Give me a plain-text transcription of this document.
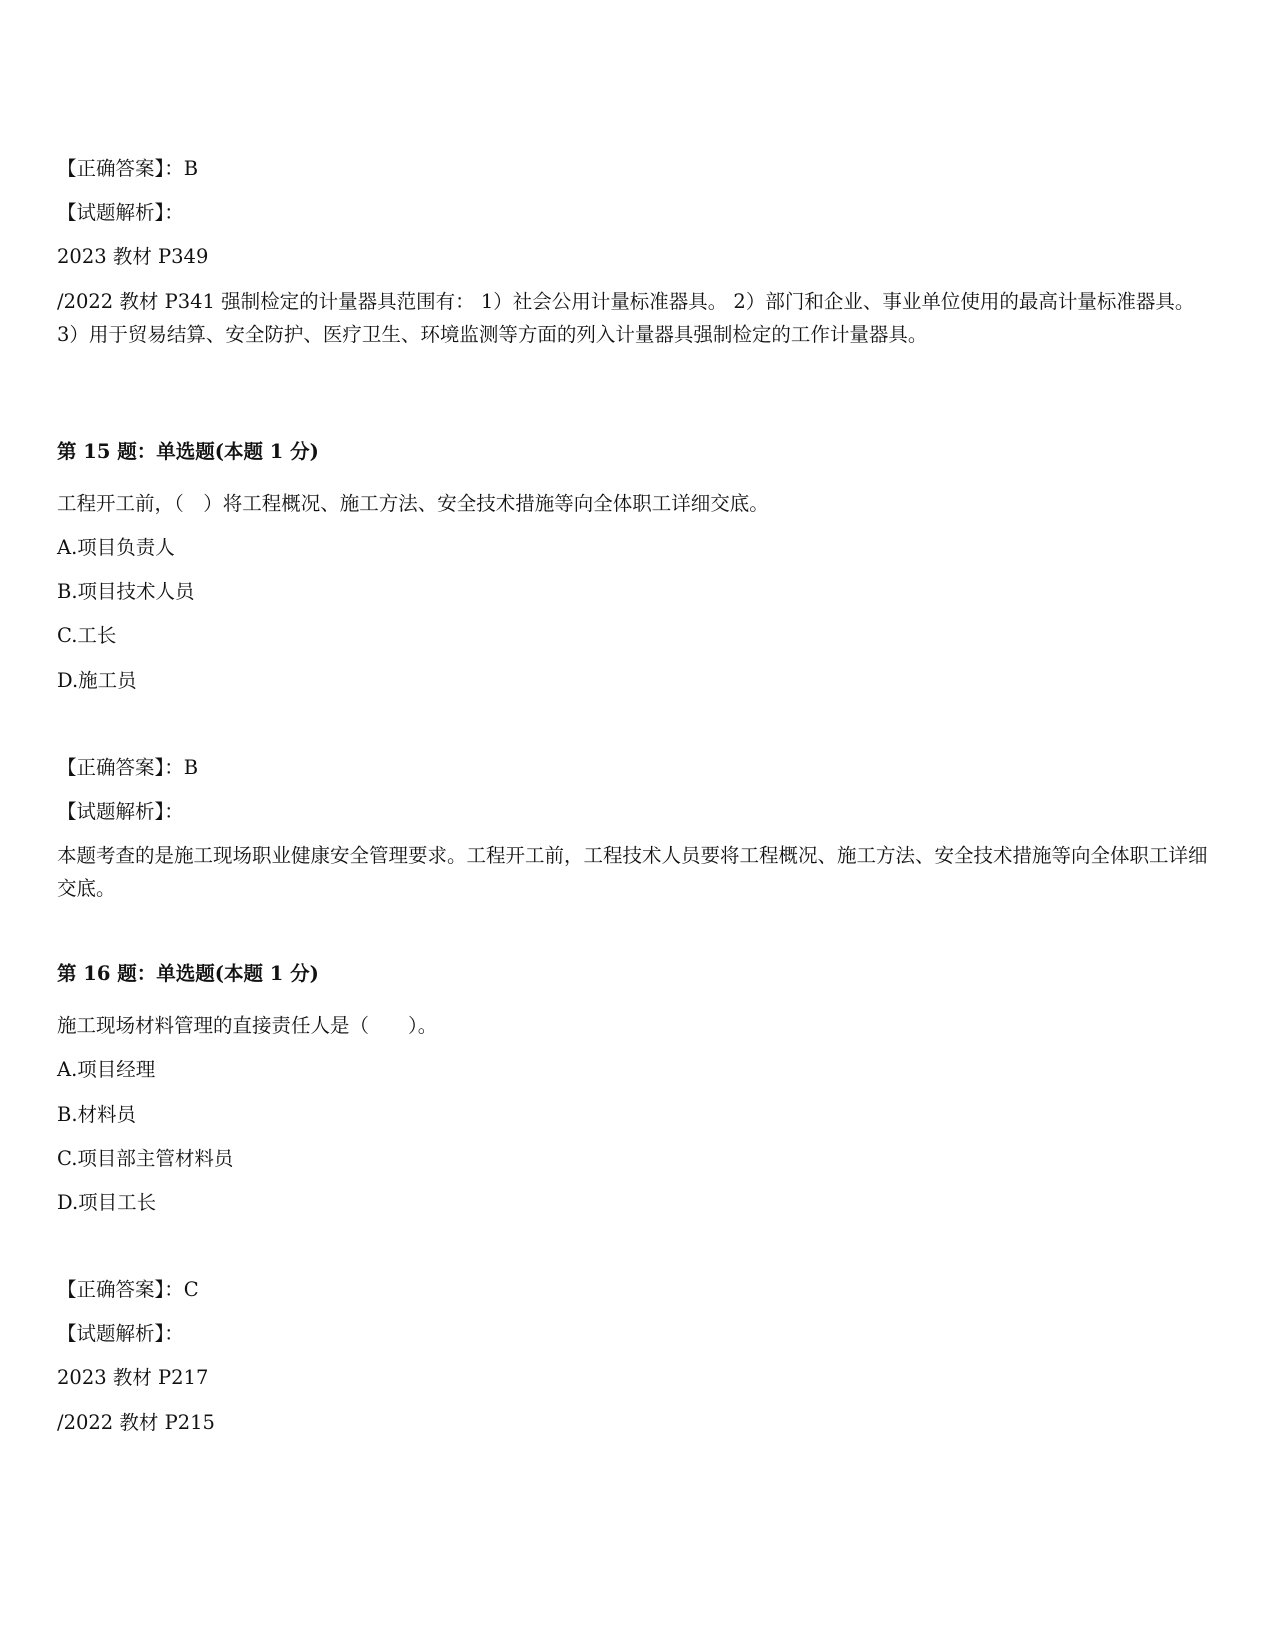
【正确答案】：B
【试题解析】：
2023 教材 P349
/2022 教材 P341 强制检定的计量器具范围有： 1）社会公用计量标准器具。 2）部门和企业、事业单位使用的最高计量标准器具。 3）用于贸易结算、安全防护、医疗卫生、环境监测等方面的列入计量器具强制检定的工作计量器具。
第 15 题：单选题(本题 1 分)
工程开工前，（　）将工程概况、施工方法、安全技术措施等向全体职工详细交底。
A.项目负责人
B.项目技术人员
C.工长
D.施工员
【正确答案】：B
【试题解析】：
本题考查的是施工现场职业健康安全管理要求。工程开工前，工程技术人员要将工程概况、施工方法、安全技术措施等向全体职工详细交底。
第 16 题：单选题(本题 1 分)
施工现场材料管理的直接责任人是（　　）。
A.项目经理
B.材料员
C.项目部主管材料员
D.项目工长
【正确答案】：C
【试题解析】：
2023 教材 P217
/2022 教材 P215
